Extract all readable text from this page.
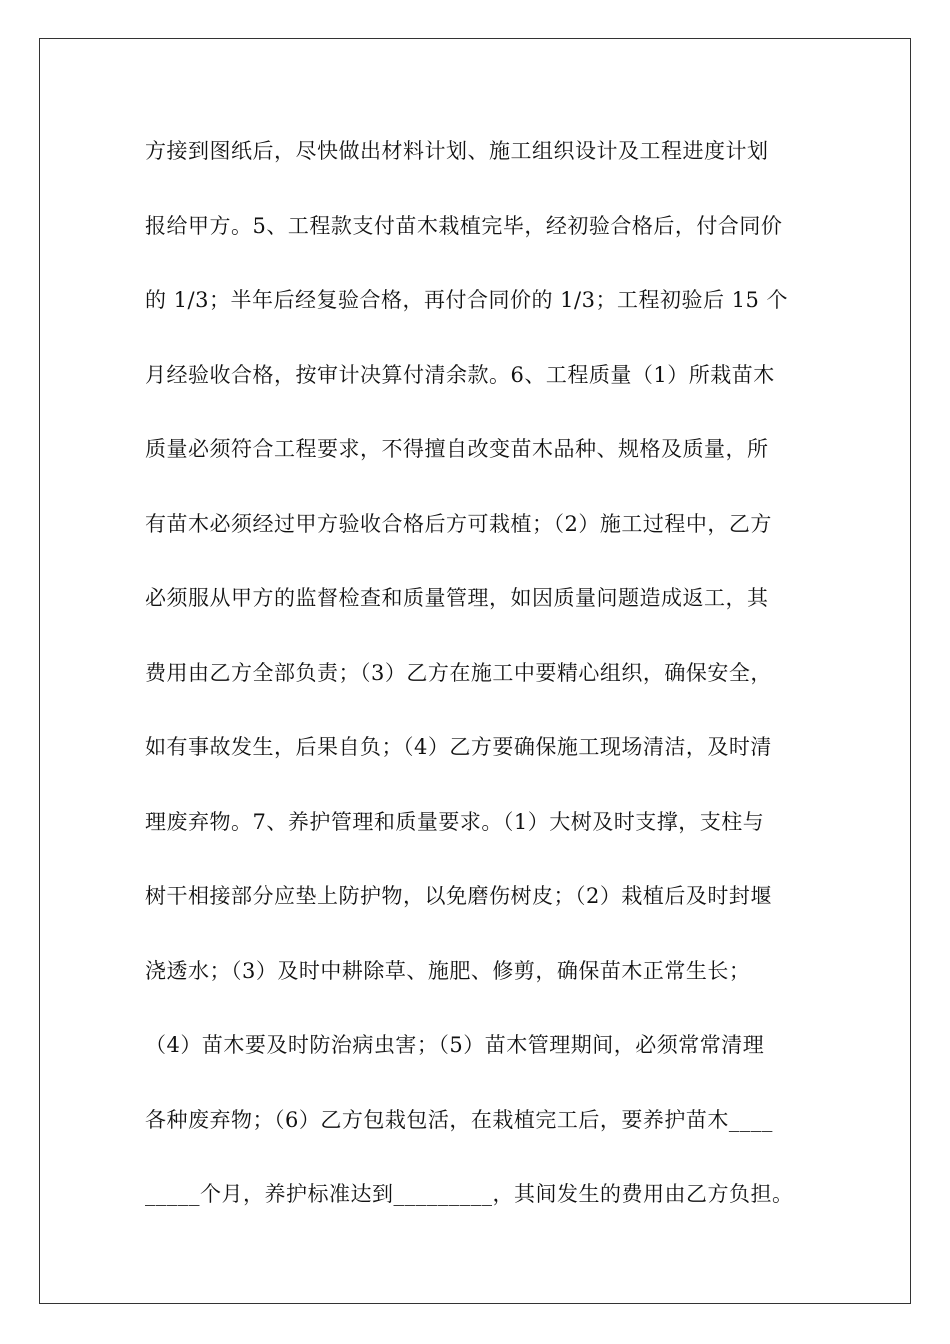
方接到图纸后，尽快做出材料计划、施工组织设计及工程进度计划
报给甲方。5、工程款支付苗木栽植完毕，经初验合格后，付合同价
的 1/3；半年后经复验合格，再付合同价的 1/3；工程初验后 15 个
月经验收合格，按审计决算付清余款。6、工程质量（1）所栽苗木
质量必须符合工程要求，不得擅自改变苗木品种、规格及质量，所
有苗木必须经过甲方验收合格后方可栽植；（2）施工过程中，乙方
必须服从甲方的监督检查和质量管理，如因质量问题造成返工，其
费用由乙方全部负责；（3）乙方在施工中要精心组织，确保安全，
如有事故发生，后果自负；（4）乙方要确保施工现场清洁，及时清
理废弃物。7、养护管理和质量要求。（1）大树及时支撑，支柱与
树干相接部分应垫上防护物，以免磨伤树皮；（2）栽植后及时封堰
浇透水；（3）及时中耕除草、施肥、修剪，确保苗木正常生长；
（4）苗木要及时防治病虫害；（5）苗木管理期间，必须常常清理
各种废弃物；（6）乙方包栽包活，在栽植完工后，要养护苗木____
_____个月，养护标准达到_________，其间发生的费用由乙方负担。
